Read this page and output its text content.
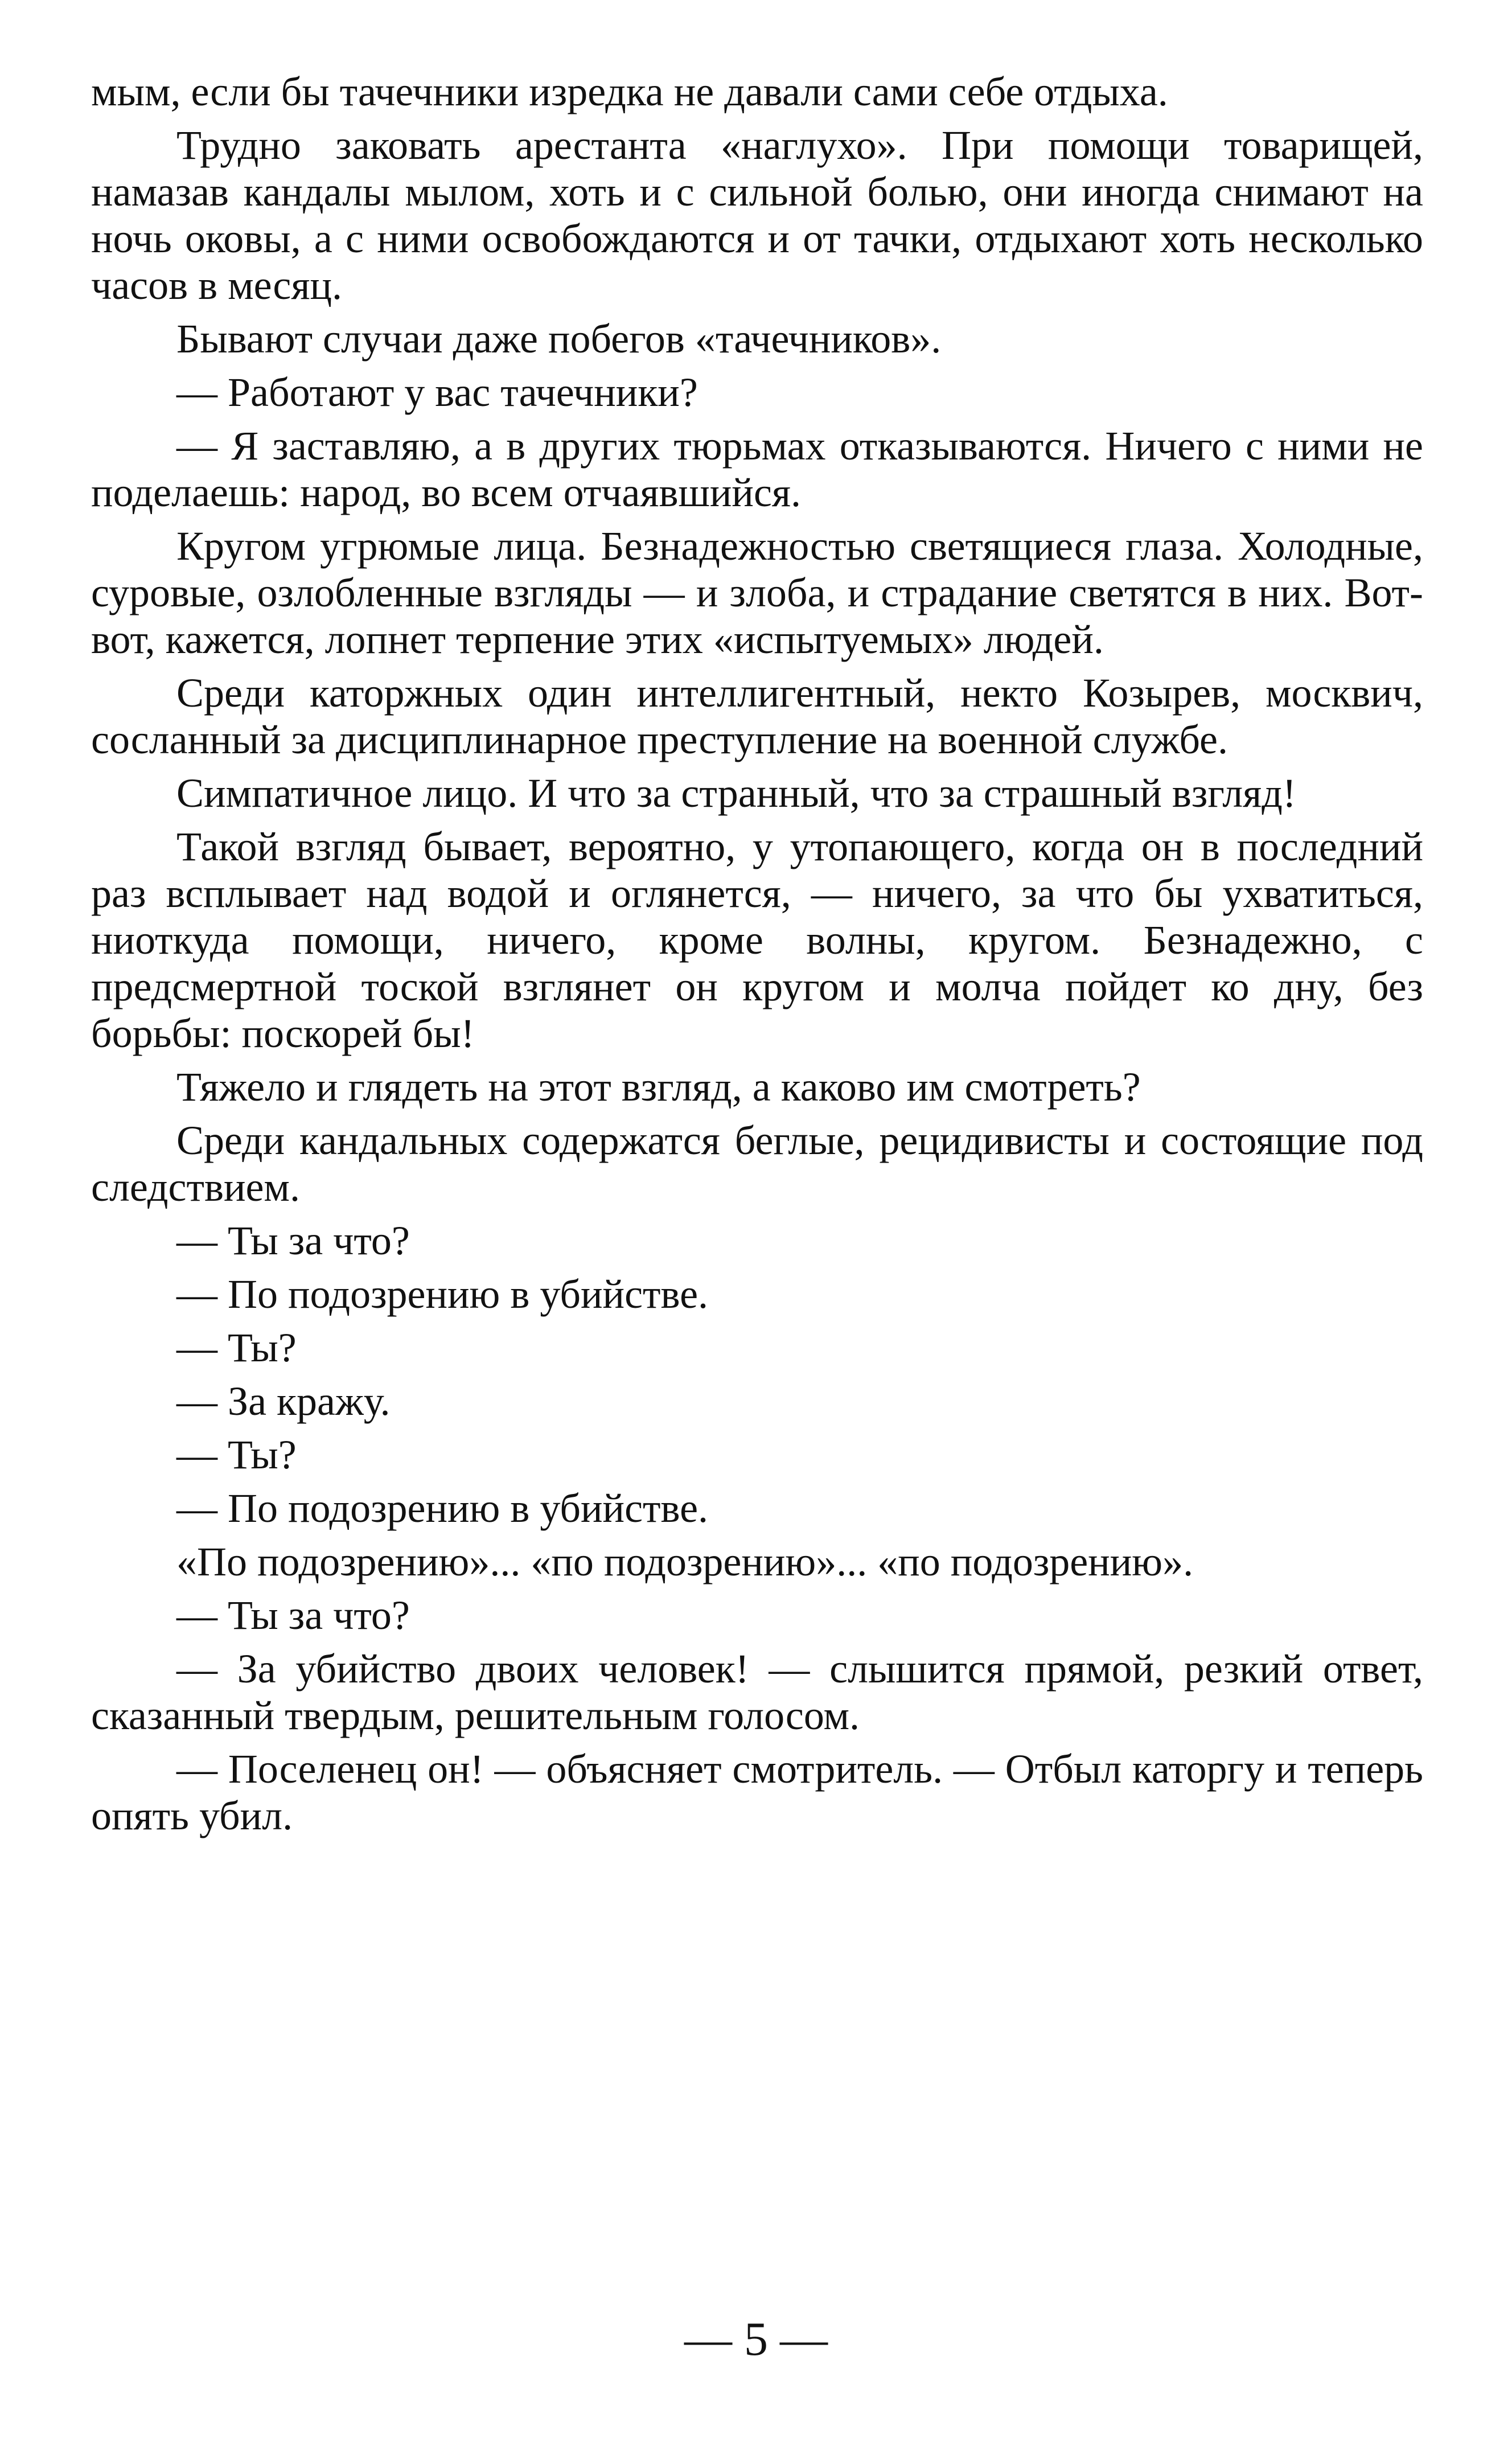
мым, если бы тачечники изредка не давали сами себе отдыха.

Трудно заковать арестанта «наглухо». При помощи товарищей, намазав кандалы мылом, хоть и с сильной болью, они иногда снимают на ночь оковы, а с ними освобождаются и от тачки, отдыхают хоть несколько часов в месяц.

Бывают случаи даже побегов «тачечников».

— Работают у вас тачечники?

— Я заставляю, а в других тюрьмах отказываются. Ничего с ними не поделаешь: народ, во всем отчаявшийся.

Кругом угрюмые лица. Безнадежностью светящиеся глаза. Холодные, суровые, озлобленные взгляды — и злоба, и страдание светятся в них. Вот-вот, кажется, лопнет терпение этих «испытуемых» людей.

Среди каторжных один интеллигентный, некто Козырев, москвич, сосланный за дисциплинарное преступление на военной службе.

Симпатичное лицо. И что за странный, что за страшный взгляд!

Такой взгляд бывает, вероятно, у утопающего, когда он в последний раз всплывает над водой и оглянется, — ничего, за что бы ухватиться, ниоткуда помощи, ничего, кроме волны, кругом. Безнадежно, с предсмертной тоской взглянет он кругом и молча пойдет ко дну, без борьбы: поскорей бы!

Тяжело и глядеть на этот взгляд, а каково им смотреть?

Среди кандальных содержатся беглые, рецидивисты и состоящие под следствием.

— Ты за что?

— По подозрению в убийстве.

— Ты?

— За кражу.

— Ты?

— По подозрению в убийстве.

«По подозрению»... «по подозрению»... «по подозрению».

— Ты за что?

— За убийство двоих человек! — слышится прямой, резкий ответ, сказанный твердым, решительным голосом.

— Поселенец он! — объясняет смотритель. — Отбыл каторгу и теперь опять убил.

— 5 —
